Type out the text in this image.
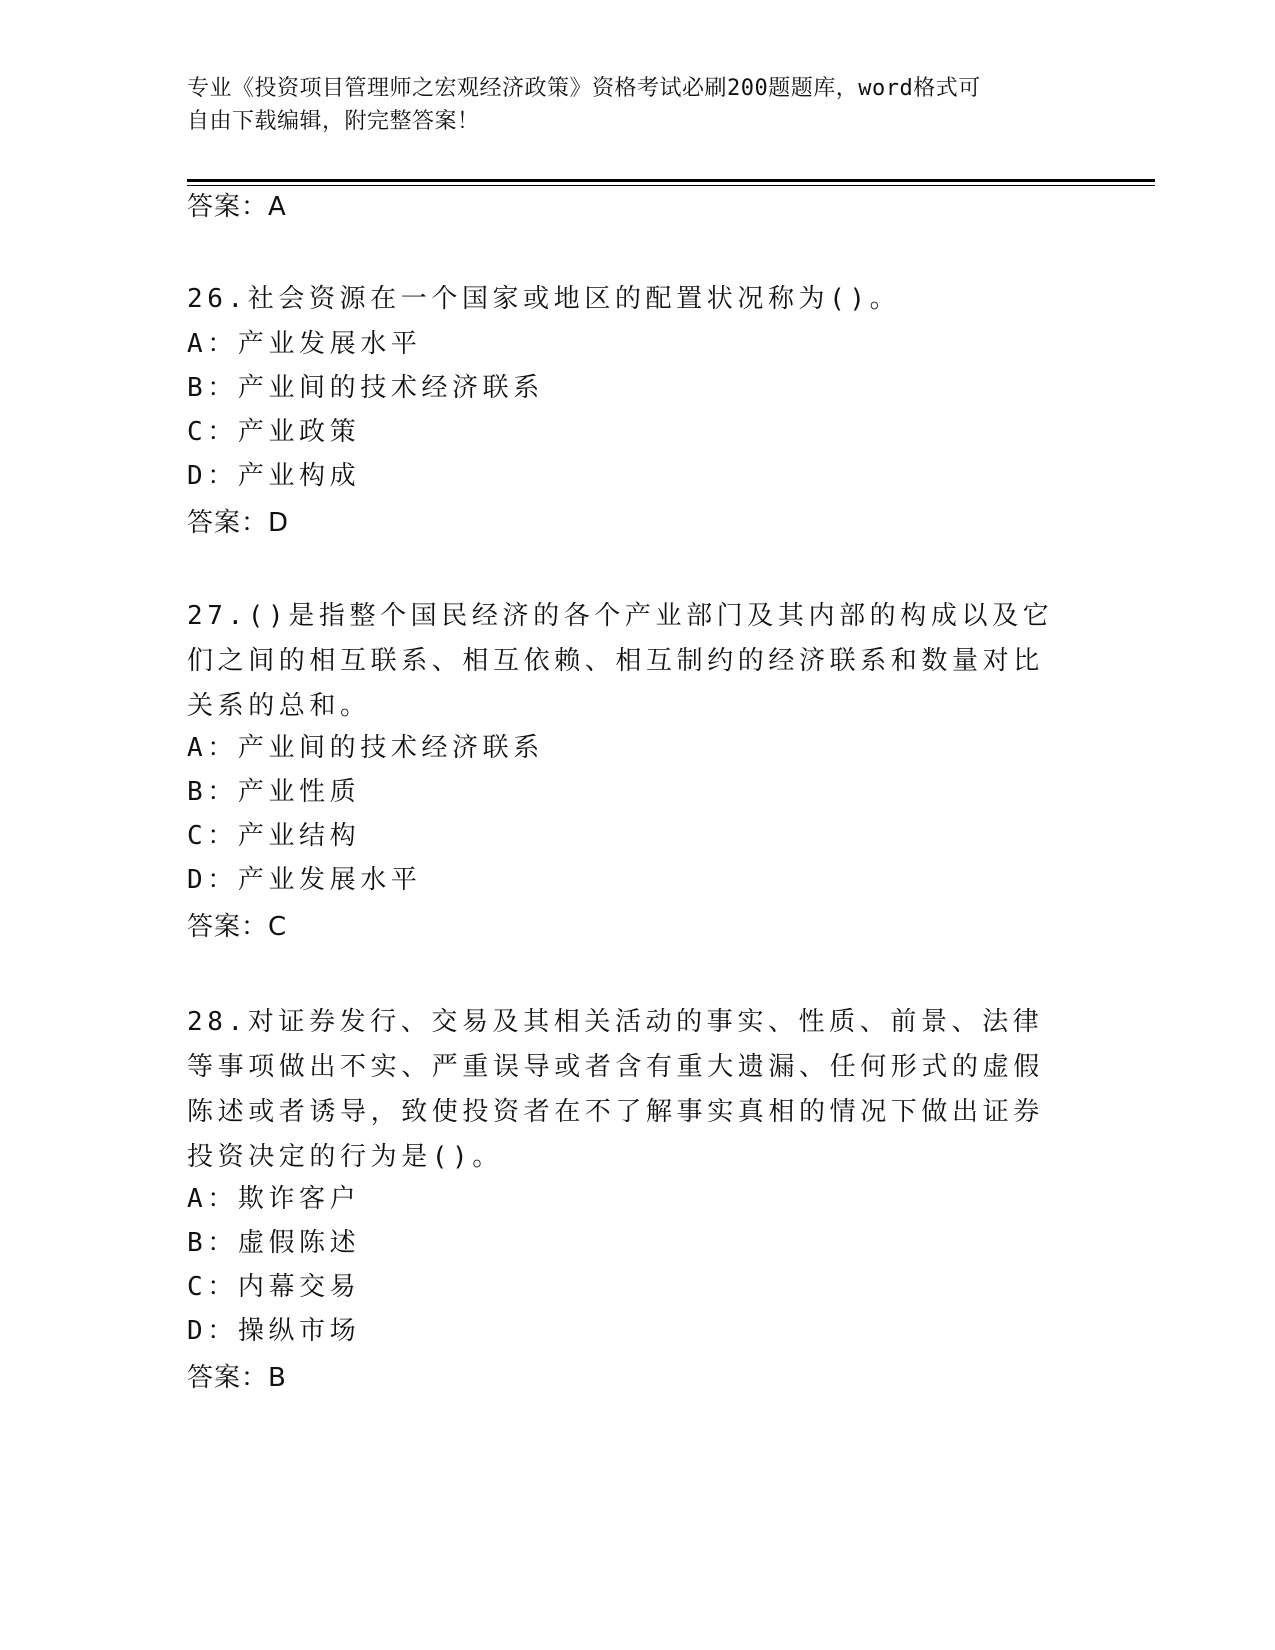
专业《投资项目管理师之宏观经济政策》资格考试必刷200题题库，word格式可
自由下载编辑，附完整答案！
答案：A
26.社会资源在一个国家或地区的配置状况称为()。
A：产业发展水平
B：产业间的技术经济联系
C：产业政策
D：产业构成
答案：D
27.()是指整个国民经济的各个产业部门及其内部的构成以及它们之间的相互联系、相互依赖、相互制约的经济联系和数量对比关系的总和。
A：产业间的技术经济联系
B：产业性质
C：产业结构
D：产业发展水平
答案：C
28.对证券发行、交易及其相关活动的事实、性质、前景、法律等事项做出不实、严重误导或者含有重大遗漏、任何形式的虚假陈述或者诱导，致使投资者在不了解事实真相的情况下做出证券投资决定的行为是()。
A：欺诈客户
B：虚假陈述
C：内幕交易
D：操纵市场
答案：B
